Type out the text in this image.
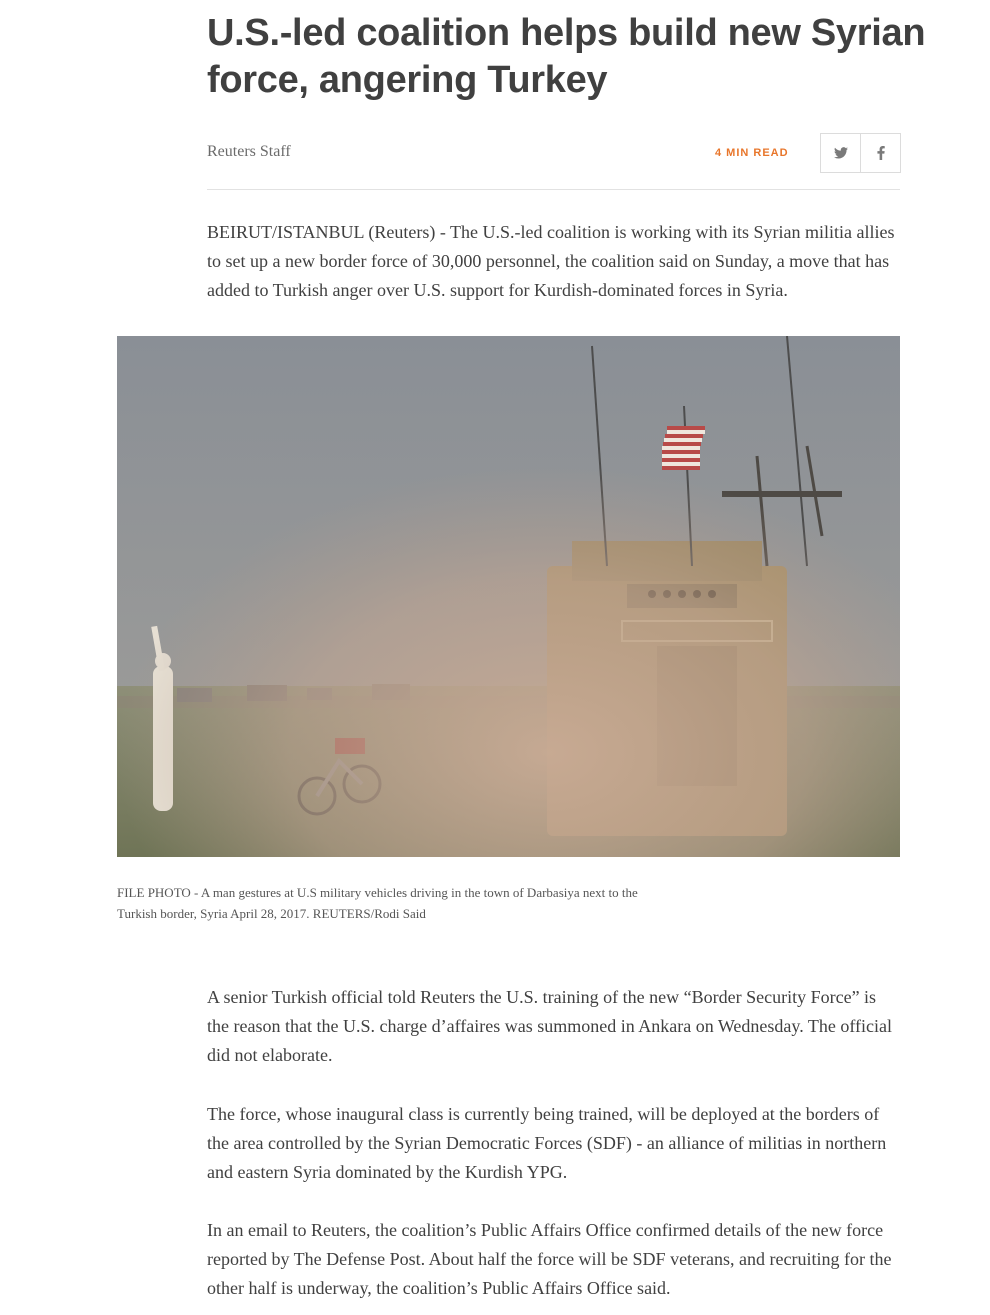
U.S.-led coalition helps build new Syrian force, angering Turkey
Reuters Staff	4 MIN READ

BEIRUT/ISTANBUL (Reuters) - The U.S.-led coalition is working with its Syrian militia allies to set up a new border force of 30,000 personnel, the coalition said on Sunday, a move that has added to Turkish anger over U.S. support for Kurdish-dominated forces in Syria.

FILE PHOTO - A man gestures at U.S military vehicles driving in the town of Darbasiya next to the Turkish border, Syria April 28, 2017. REUTERS/Rodi Said

A senior Turkish official told Reuters the U.S. training of the new “Border Security Force” is the reason that the U.S. charge d’affaires was summoned in Ankara on Wednesday. The official did not elaborate.

The force, whose inaugural class is currently being trained, will be deployed at the borders of the area controlled by the Syrian Democratic Forces (SDF) - an alliance of militias in northern and eastern Syria dominated by the Kurdish YPG.

In an email to Reuters, the coalition’s Public Affairs Office confirmed details of the new force reported by The Defense Post. About half the force will be SDF veterans, and recruiting for the other half is underway, the coalition’s Public Affairs Office said.
